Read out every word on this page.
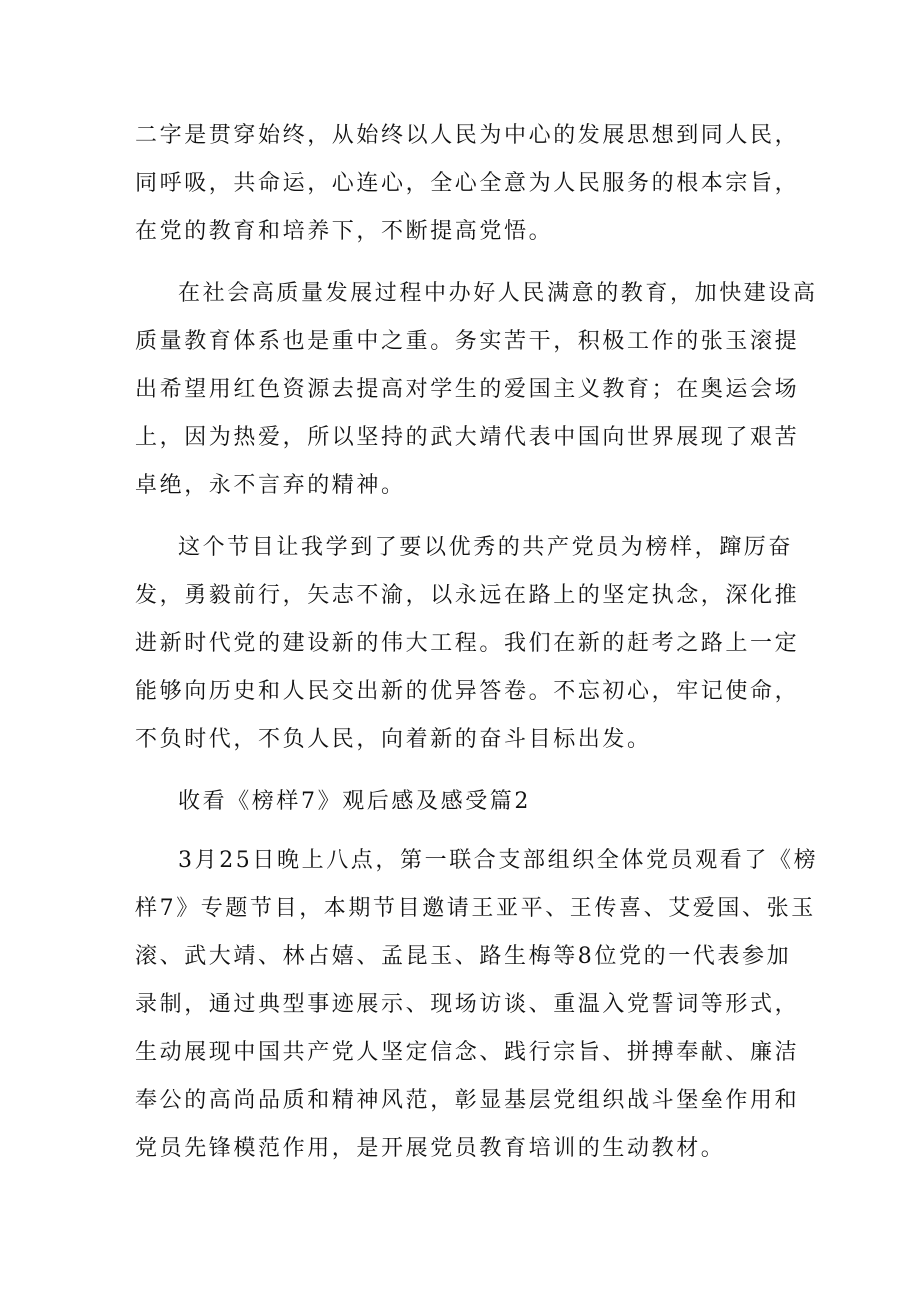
二字是贯穿始终，从始终以人民为中心的发展思想到同人民，
同呼吸，共命运，心连心，全心全意为人民服务的根本宗旨，
在党的教育和培养下，不断提高党悟。
在社会高质量发展过程中办好人民满意的教育，加快建设高
质量教育体系也是重中之重。务实苦干，积极工作的张玉滚提
出希望用红色资源去提高对学生的爱国主义教育；在奥运会场
上，因为热爱，所以坚持的武大靖代表中国向世界展现了艰苦
卓绝，永不言弃的精神。
这个节目让我学到了要以优秀的共产党员为榜样，蹿厉奋
发，勇毅前行，矢志不渝，以永远在路上的坚定执念，深化推
进新时代党的建设新的伟大工程。我们在新的赶考之路上一定
能够向历史和人民交出新的优异答卷。不忘初心，牢记使命，
不负时代，不负人民，向着新的奋斗目标出发。
收看《榜样7》观后感及感受篇2
3月25日晚上八点，第一联合支部组织全体党员观看了《榜
样7》专题节目，本期节目邀请王亚平、王传喜、艾爱国、张玉
滚、武大靖、林占嬉、孟昆玉、路生梅等8位党的一代表参加
录制，通过典型事迹展示、现场访谈、重温入党誓词等形式，
生动展现中国共产党人坚定信念、践行宗旨、拼搏奉献、廉洁
奉公的高尚品质和精神风范，彰显基层党组织战斗堡垒作用和
党员先锋模范作用，是开展党员教育培训的生动教材。
